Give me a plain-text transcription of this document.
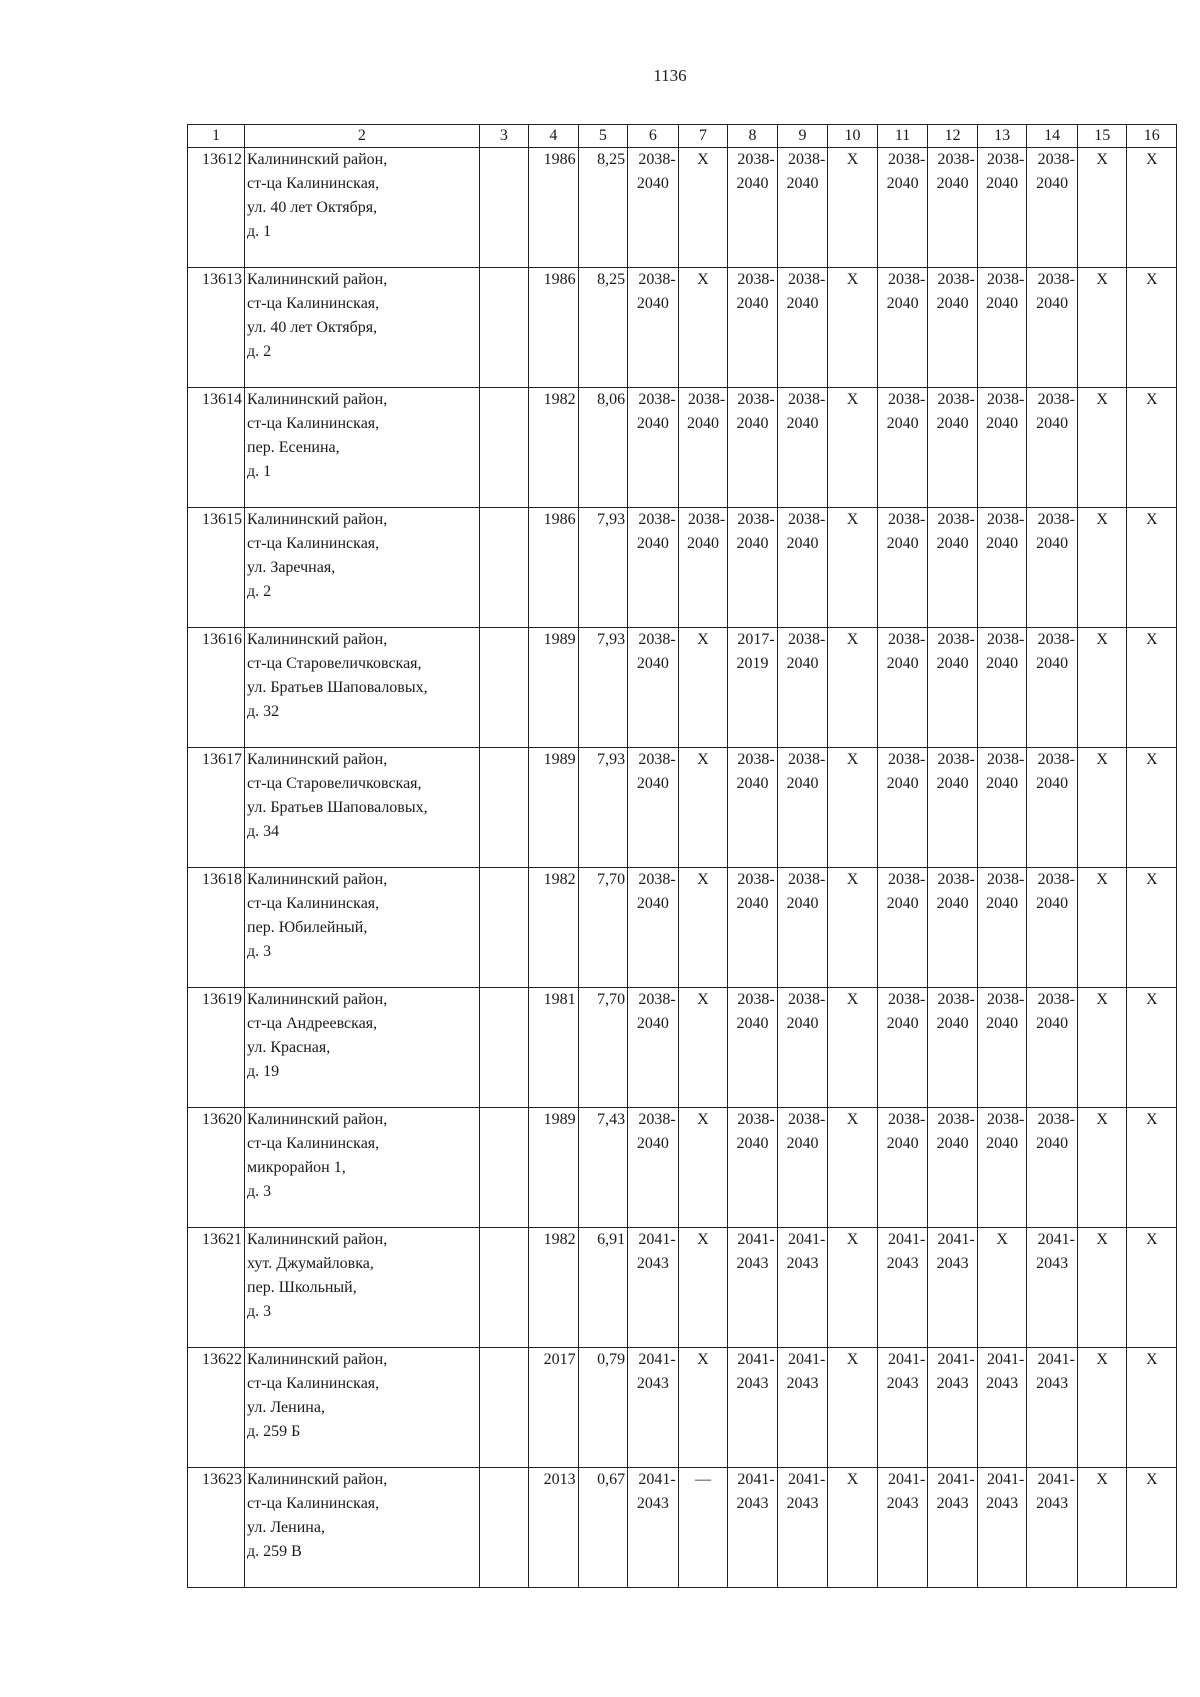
1136
1	2	3	4	5	6	7	8	9	10	11	12	13	14	15	16
13612	Калининский район,
ст-ца Калининская,
ул. 40 лет Октября,
д. 1		1986	8,25	2038-
2040	X	2038-
2040	2038-
2040	X	2038-
2040	2038-
2040	2038-
2040	2038-
2040	X	X
13613	Калининский район,
ст-ца Калининская,
ул. 40 лет Октября,
д. 2		1986	8,25	2038-
2040	X	2038-
2040	2038-
2040	X	2038-
2040	2038-
2040	2038-
2040	2038-
2040	X	X
13614	Калининский район,
ст-ца Калининская,
пер. Есенина,
д. 1		1982	8,06	2038-
2040	2038-
2040	2038-
2040	2038-
2040	X	2038-
2040	2038-
2040	2038-
2040	2038-
2040	X	X
13615	Калининский район,
ст-ца Калининская,
ул. Заречная,
д. 2		1986	7,93	2038-
2040	2038-
2040	2038-
2040	2038-
2040	X	2038-
2040	2038-
2040	2038-
2040	2038-
2040	X	X
13616	Калининский район,
ст-ца Старовеличковская,
ул. Братьев Шаповаловых,
д. 32		1989	7,93	2038-
2040	X	2017-
2019	2038-
2040	X	2038-
2040	2038-
2040	2038-
2040	2038-
2040	X	X
13617	Калининский район,
ст-ца Старовеличковская,
ул. Братьев Шаповаловых,
д. 34		1989	7,93	2038-
2040	X	2038-
2040	2038-
2040	X	2038-
2040	2038-
2040	2038-
2040	2038-
2040	X	X
13618	Калининский район,
ст-ца Калининская,
пер. Юбилейный,
д. 3		1982	7,70	2038-
2040	X	2038-
2040	2038-
2040	X	2038-
2040	2038-
2040	2038-
2040	2038-
2040	X	X
13619	Калининский район,
ст-ца Андреевская,
ул. Красная,
д. 19		1981	7,70	2038-
2040	X	2038-
2040	2038-
2040	X	2038-
2040	2038-
2040	2038-
2040	2038-
2040	X	X
13620	Калининский район,
ст-ца Калининская,
микрорайон 1,
д. 3		1989	7,43	2038-
2040	X	2038-
2040	2038-
2040	X	2038-
2040	2038-
2040	2038-
2040	2038-
2040	X	X
13621	Калининский район,
хут. Джумайловка,
пер. Школьный,
д. 3		1982	6,91	2041-
2043	X	2041-
2043	2041-
2043	X	2041-
2043	2041-
2043	X	2041-
2043	X	X
13622	Калининский район,
ст-ца Калининская,
ул. Ленина,
д. 259 Б		2017	0,79	2041-
2043	X	2041-
2043	2041-
2043	X	2041-
2043	2041-
2043	2041-
2043	2041-
2043	X	X
13623	Калининский район,
ст-ца Калининская,
ул. Ленина,
д. 259 В		2013	0,67	2041-
2043	—	2041-
2043	2041-
2043	X	2041-
2043	2041-
2043	2041-
2043	2041-
2043	X	X
